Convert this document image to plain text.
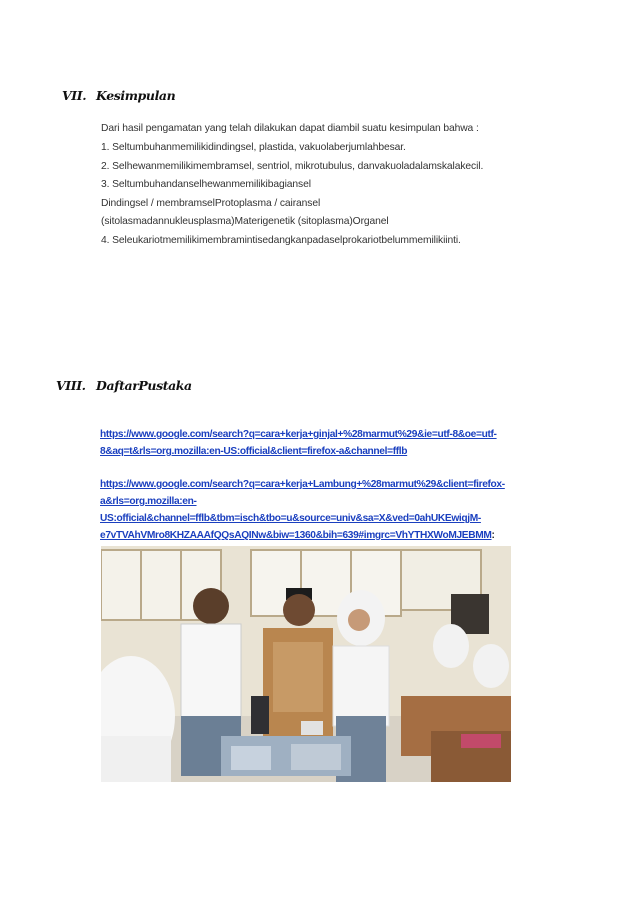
VII. Kesimpulan
Dari hasil pengamatan yang telah dilakukan dapat diambil suatu kesimpulan bahwa :
1. Seltumbuhanmemilikidindingsel, plastida, vakuolaberjumlahbesar.
2. Selhewanmemilikimembramsel, sentriol, mikrotubulus, danvakuoladalamskalakecil.
3. Seltumbuhandanselhewanmemilikibagiansel
Dindingsel / membramselProtoplasma / cairansel
(sitolasmadannukleusplasma)Materigenetik (sitoplasma)Organel
4. Seleukariotmemilikimembramintisedangkanpadaselprokariotbelummemilikiinti.
VIII. DaftarPustaka
https://www.google.com/search?q=cara+kerja+ginjal+%28marmut%29&ie=utf-8&oe=utf-
8&aq=t&rls=org.mozilla:en-US:official&client=firefox-a&channel=fflb
https://www.google.com/search?q=cara+kerja+Lambung+%28marmut%29&client=firefox-
a&rls=org.mozilla:en-
US:official&channel=fflb&tbm=isch&tbo=u&source=univ&sa=X&ved=0ahUKEwiqjM-
e7vTVAhVMro8KHZAAAfQQsAQINw&biw=1360&bih=639#imgrc=VhYTHXWoMJEBMM:
